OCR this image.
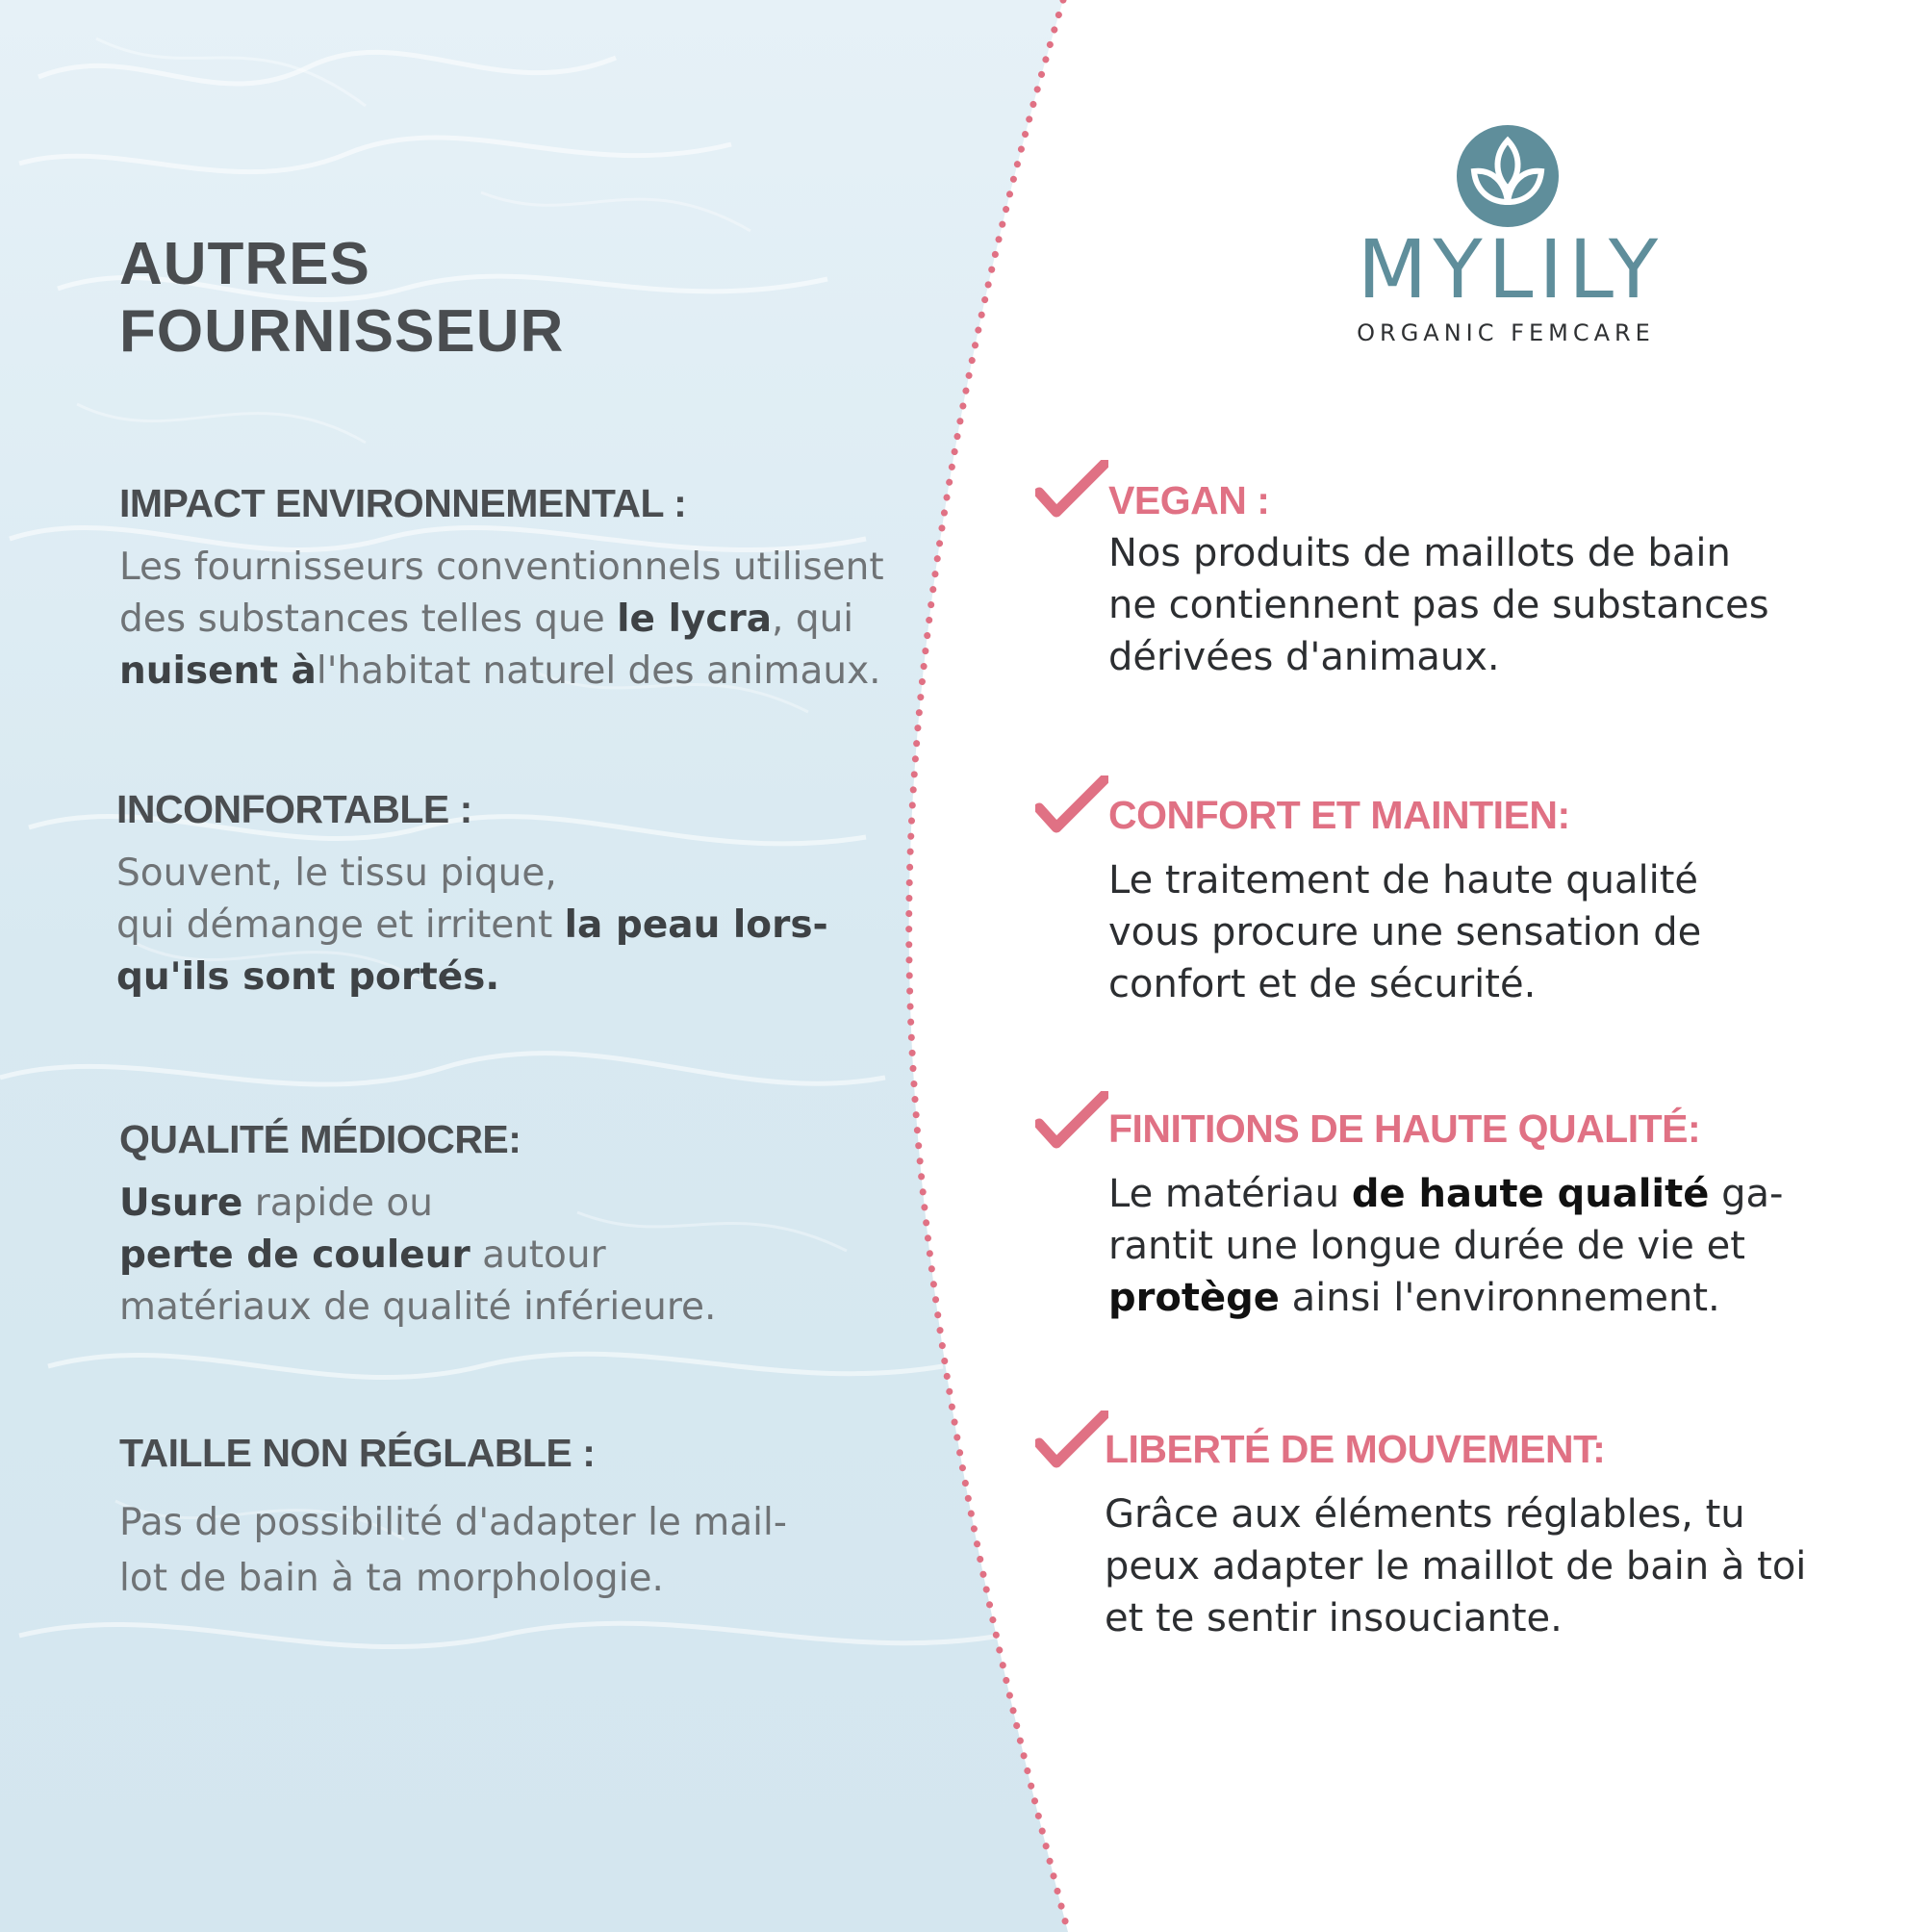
AUTRES
FOURNISSEUR
IMPACT ENVIRONNEMENTAL :
Les fournisseurs conventionnels utilisent
des substances telles que le lycra, qui
nuisent àl'habitat naturel des animaux.
INCONFORTABLE :
Souvent, le tissu pique,
qui démange et irritent la peau lors-
qu'ils sont portés.
QUALITÉ MÉDIOCRE:
Usure rapide ou
perte de couleur autour
matériaux de qualité inférieure.
TAILLE NON RÉGLABLE :
Pas de possibilité d'adapter le mail-
lot de bain à ta morphologie.
MYLILY
ORGANIC FEMCARE
VEGAN :
Nos produits de maillots de bain
ne contiennent pas de substances
dérivées d'animaux.
CONFORT ET MAINTIEN:
Le traitement de haute qualité
vous procure une sensation de
confort et de sécurité.
FINITIONS DE HAUTE QUALITÉ:
Le matériau de haute qualité ga-
rantit une longue durée de vie et
protège ainsi l'environnement.
LIBERTÉ DE MOUVEMENT:
Grâce aux éléments réglables, tu
peux adapter le maillot de bain à toi
et te sentir insouciante.
